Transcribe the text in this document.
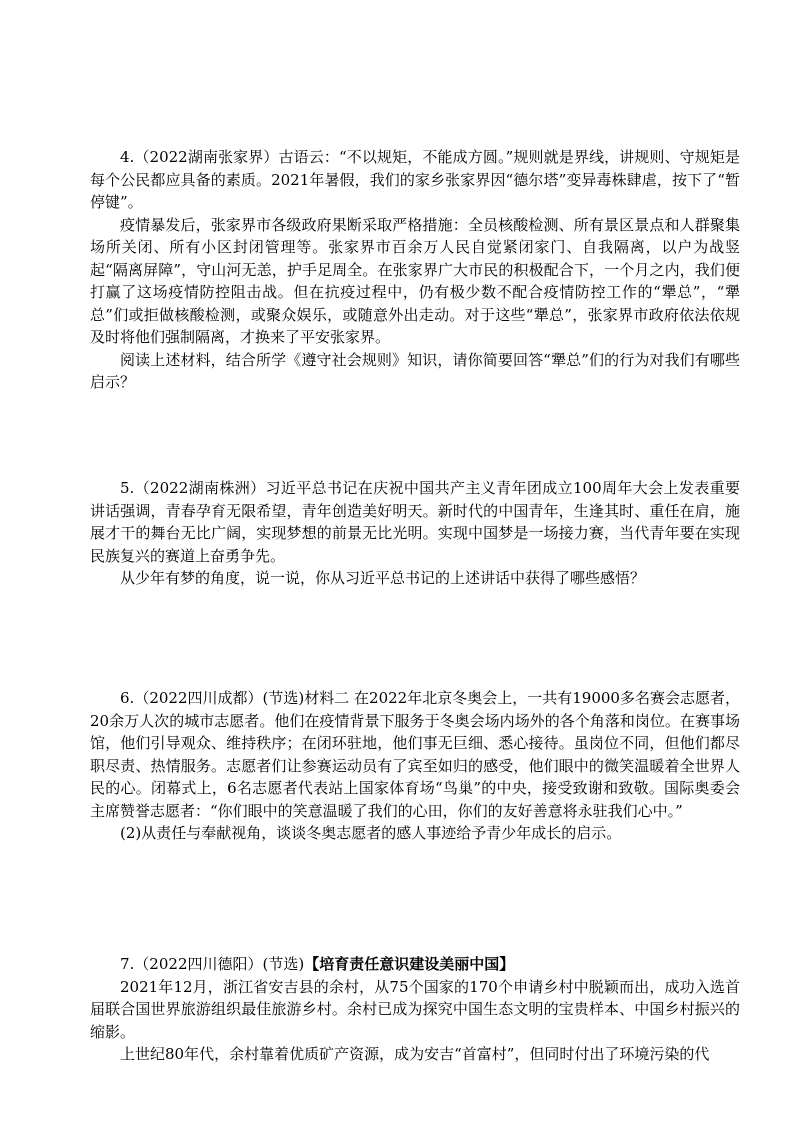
4.（2022湖南张家界）古语云：“不以规矩，不能成方圆。”规则就是界线，讲规则、守规矩是每个公民都应具备的素质。2021年暑假，我们的家乡张家界因“德尔塔”变异毒株肆虐，按下了“暂停键”。

疫情暴发后，张家界市各级政府果断采取严格措施：全员核酸检测、所有景区景点和人群聚集场所关闭、所有小区封闭管理等。张家界市百余万人民自觉紧闭家门、自我隔离，以户为战竖起“隔离屏障”，守山河无恙，护手足周全。在张家界广大市民的积极配合下，一个月之内，我们便打赢了这场疫情防控阻击战。但在抗疫过程中，仍有极少数不配合疫情防控工作的“犟总”，“犟总”们或拒做核酸检测，或聚众娱乐，或随意外出走动。对于这些“犟总”，张家界市政府依法依规及时将他们强制隔离，才换来了平安张家界。

阅读上述材料，结合所学《遵守社会规则》知识，请你简要回答“犟总”们的行为对我们有哪些启示？

5.（2022湖南株洲）习近平总书记在庆祝中国共产主义青年团成立100周年大会上发表重要讲话强调，青春孕育无限希望，青年创造美好明天。新时代的中国青年，生逢其时、重任在肩，施展才干的舞台无比广阔，实现梦想的前景无比光明。实现中国梦是一场接力赛，当代青年要在实现民族复兴的赛道上奋勇争先。

从少年有梦的角度，说一说，你从习近平总书记的上述讲话中获得了哪些感悟？

6.（2022四川成都）(节选)材料二 在2022年北京冬奥会上，一共有19000多名赛会志愿者，20余万人次的城市志愿者。他们在疫情背景下服务于冬奥会场内场外的各个角落和岗位。在赛事场馆，他们引导观众、维持秩序；在闭环驻地，他们事无巨细、悉心接待。虽岗位不同，但他们都尽职尽责、热情服务。志愿者们让参赛运动员有了宾至如归的感受，他们眼中的微笑温暖着全世界人民的心。闭幕式上，6名志愿者代表站上国家体育场“鸟巢”的中央，接受致谢和致敬。国际奥委会主席赞誉志愿者：“你们眼中的笑意温暖了我们的心田，你们的友好善意将永驻我们心中。”

(2)从责任与奉献视角，谈谈冬奥志愿者的感人事迹给予青少年成长的启示。

7.（2022四川德阳）(节选)【培育责任意识建设美丽中国】

2021年12月，浙江省安吉县的余村，从75个国家的170个申请乡村中脱颖而出，成功入选首届联合国世界旅游组织最佳旅游乡村。余村已成为探究中国生态文明的宝贵样本、中国乡村振兴的缩影。

上世纪80年代，余村靠着优质矿产资源，成为安吉“首富村”，但同时付出了环境污染的代
